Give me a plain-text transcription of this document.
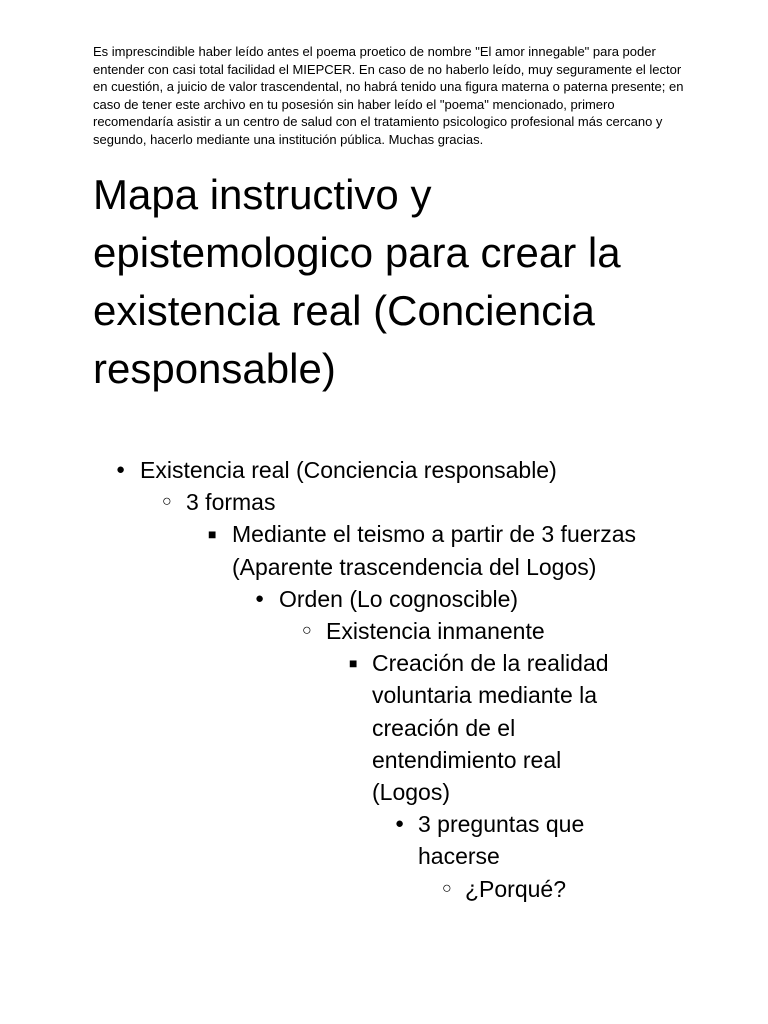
Es imprescindible haber leído antes el poema proetico de nombre "El amor innegable" para poder entender con casi total facilidad el MIEPCER. En caso de no haberlo leído, muy seguramente el lector en cuestión, a juicio de valor trascendental, no habrá tenido una figura materna o paterna presente; en caso de tener este archivo en tu posesión sin haber leído el "poema" mencionado, primero recomendaría asistir a un centro de salud con el tratamiento psicologico profesional más cercano y segundo, hacerlo mediante una institución pública. Muchas gracias.

Mapa instructivo y epistemologico para crear la existencia real (Conciencia responsable)
●
Existencia real (Conciencia responsable)
○
3 formas
■
Mediante el teismo a partir de 3 fuerzas (Aparente trascendencia del Logos)
●
Orden (Lo cognoscible)
○
Existencia inmanente
■
Creación de la realidad voluntaria mediante la creación de el entendimiento real (Logos)
●
3 preguntas que hacerse
○
¿Porqué?
